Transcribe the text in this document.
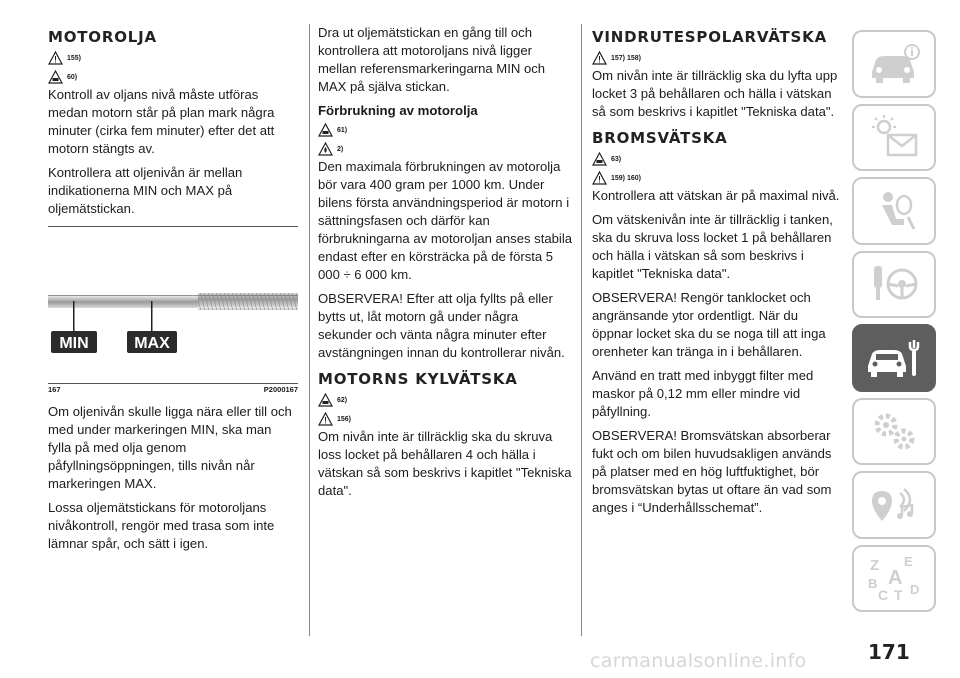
MOTOROLJA
155)
60)

Kontroll av oljans nivå måste utföras medan motorn står på plan mark några minuter (cirka fem minuter) efter det att motorn stängts av.

Kontrollera att oljenivån är mellan indikationerna MIN och MAX på oljemätstickan.

MIN	MAX
167	P2000167

Om oljenivån skulle ligga nära eller till och med under markeringen MIN, ska man fylla på med olja genom påfyllningsöppningen, tills nivån når markeringen MAX.

Lossa oljemätstickans för motoroljans nivåkontroll, rengör med trasa som inte lämnar spår, och sätt i igen.

Dra ut oljemätstickan en gång till och kontrollera att motoroljans nivå ligger mellan referensmarkeringarna MIN och MAX på själva stickan.

Förbrukning av motorolja
61)
2)

Den maximala förbrukningen av motorolja bör vara 400 gram per 1000 km. Under bilens första användningsperiod är motorn i sättningsfasen och därför kan förbrukningarna av motoroljan anses stabila endast efter en körsträcka på de första 5 000 ÷ 6 000 km.

OBSERVERA! Efter att olja fyllts på eller bytts ut, låt motorn gå under några sekunder och vänta några minuter efter avstängningen innan du kontrollerar nivån.

MOTORNS KYLVÄTSKA
62)
156)

Om nivån inte är tillräcklig ska du skruva loss locket på behållaren 4 och hälla i vätskan så som beskrivs i kapitlet "Tekniska data".

VINDRUTESPOLARVÄTSKA
157) 158)

Om nivån inte är tillräcklig ska du lyfta upp locket 3 på behållaren och hälla i vätskan så som beskrivs i kapitlet "Tekniska data".

BROMSVÄTSKA
63)
159) 160)

Kontrollera att vätskan är på maximal nivå.

Om vätskenivån inte är tillräcklig i tanken, ska du skruva loss locket 1 på behållaren och hälla i vätskan så som beskrivs i kapitlet "Tekniska data".

OBSERVERA! Rengör tanklocket och angränsande ytor ordentligt. När du öppnar locket ska du se noga till att inga orenheter kan tränga in i behållaren.

Använd en tratt med inbyggt filter med maskor på 0,12 mm eller mindre vid påfyllning.

OBSERVERA! Bromsvätskan absorberar fukt och om bilen huvudsakligen används på platser med en hög luftfuktighet, bör bromsvätskan bytas ut oftare än vad som anges i “Underhållsschemat”.

Z E
A
B
C T D
171
carmanualsonline.info
